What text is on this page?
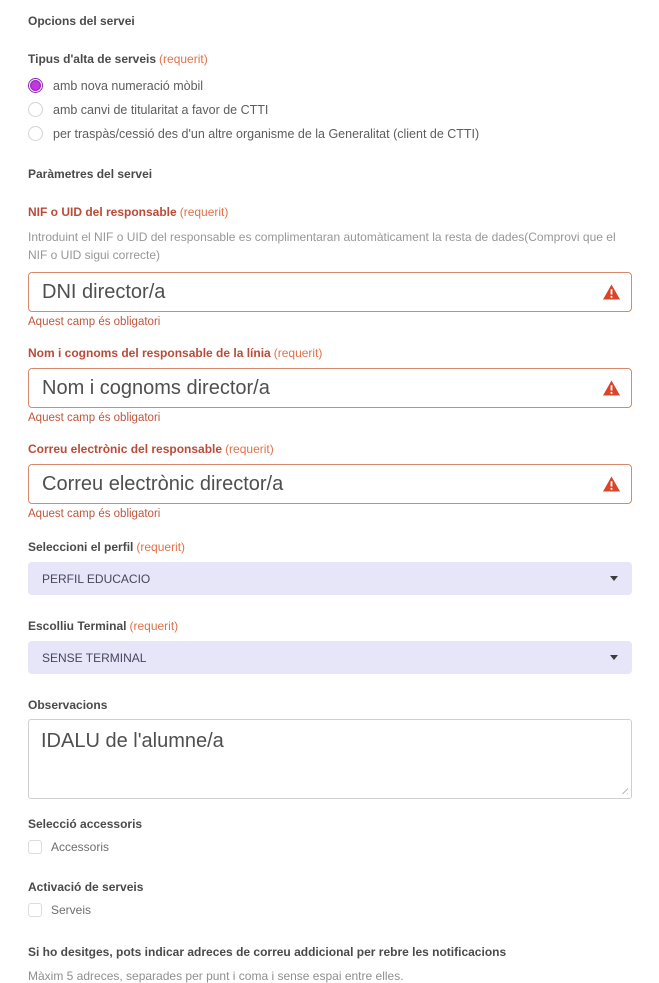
Opcions del servei
Tipus d'alta de serveis (requerit)
amb nova numeració mòbil
amb canvi de titularitat a favor de CTTI
per traspàs/cessió des d'un altre organisme de la Generalitat (client de CTTI)
Paràmetres del servei
NIF o UID del responsable (requerit)
Introduint el NIF o UID del responsable es complimentaran automàticament la resta de dades(Comprovi que el NIF o UID sigui correcte)
DNI director/a
Aquest camp és obligatori
Nom i cognoms del responsable de la línia (requerit)
Nom i cognoms director/a
Aquest camp és obligatori
Correu electrònic del responsable (requerit)
Correu electrònic director/a
Aquest camp és obligatori
Seleccioni el perfil (requerit)
PERFIL EDUCACIO
Escolliu Terminal (requerit)
SENSE TERMINAL
Observacions
IDALU de l'alumne/a
Selecció accessoris
Accessoris
Activació de serveis
Serveis
Si ho desitges, pots indicar adreces de correu addicional per rebre les notificacions
Màxim 5 adreces, separades per punt i coma i sense espai entre elles.
